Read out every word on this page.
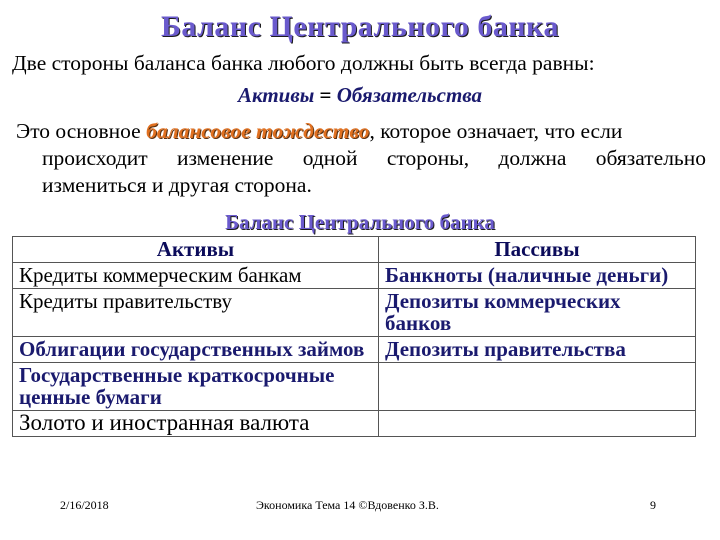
Баланс Центрального банка
Две стороны баланса банка любого должны быть всегда равны:
Активы = Обязательства
Это основное балансовое тождество, которое означает, что если
происходит изменение одной стороны, должна обязательно
измениться и другая сторона.
Баланс Центрального банка
Активы	Пассивы
Кредиты коммерческим банкам	Банкноты (наличные деньги)
Кредиты правительству	Депозиты коммерческих банков
Облигации государственных займов	Депозиты правительства
Государственные краткосрочные ценные бумаги	
Золото и иностранная валюта	
2/16/2018	Экономика Тема 14 ©Вдовенко З.В.	9
